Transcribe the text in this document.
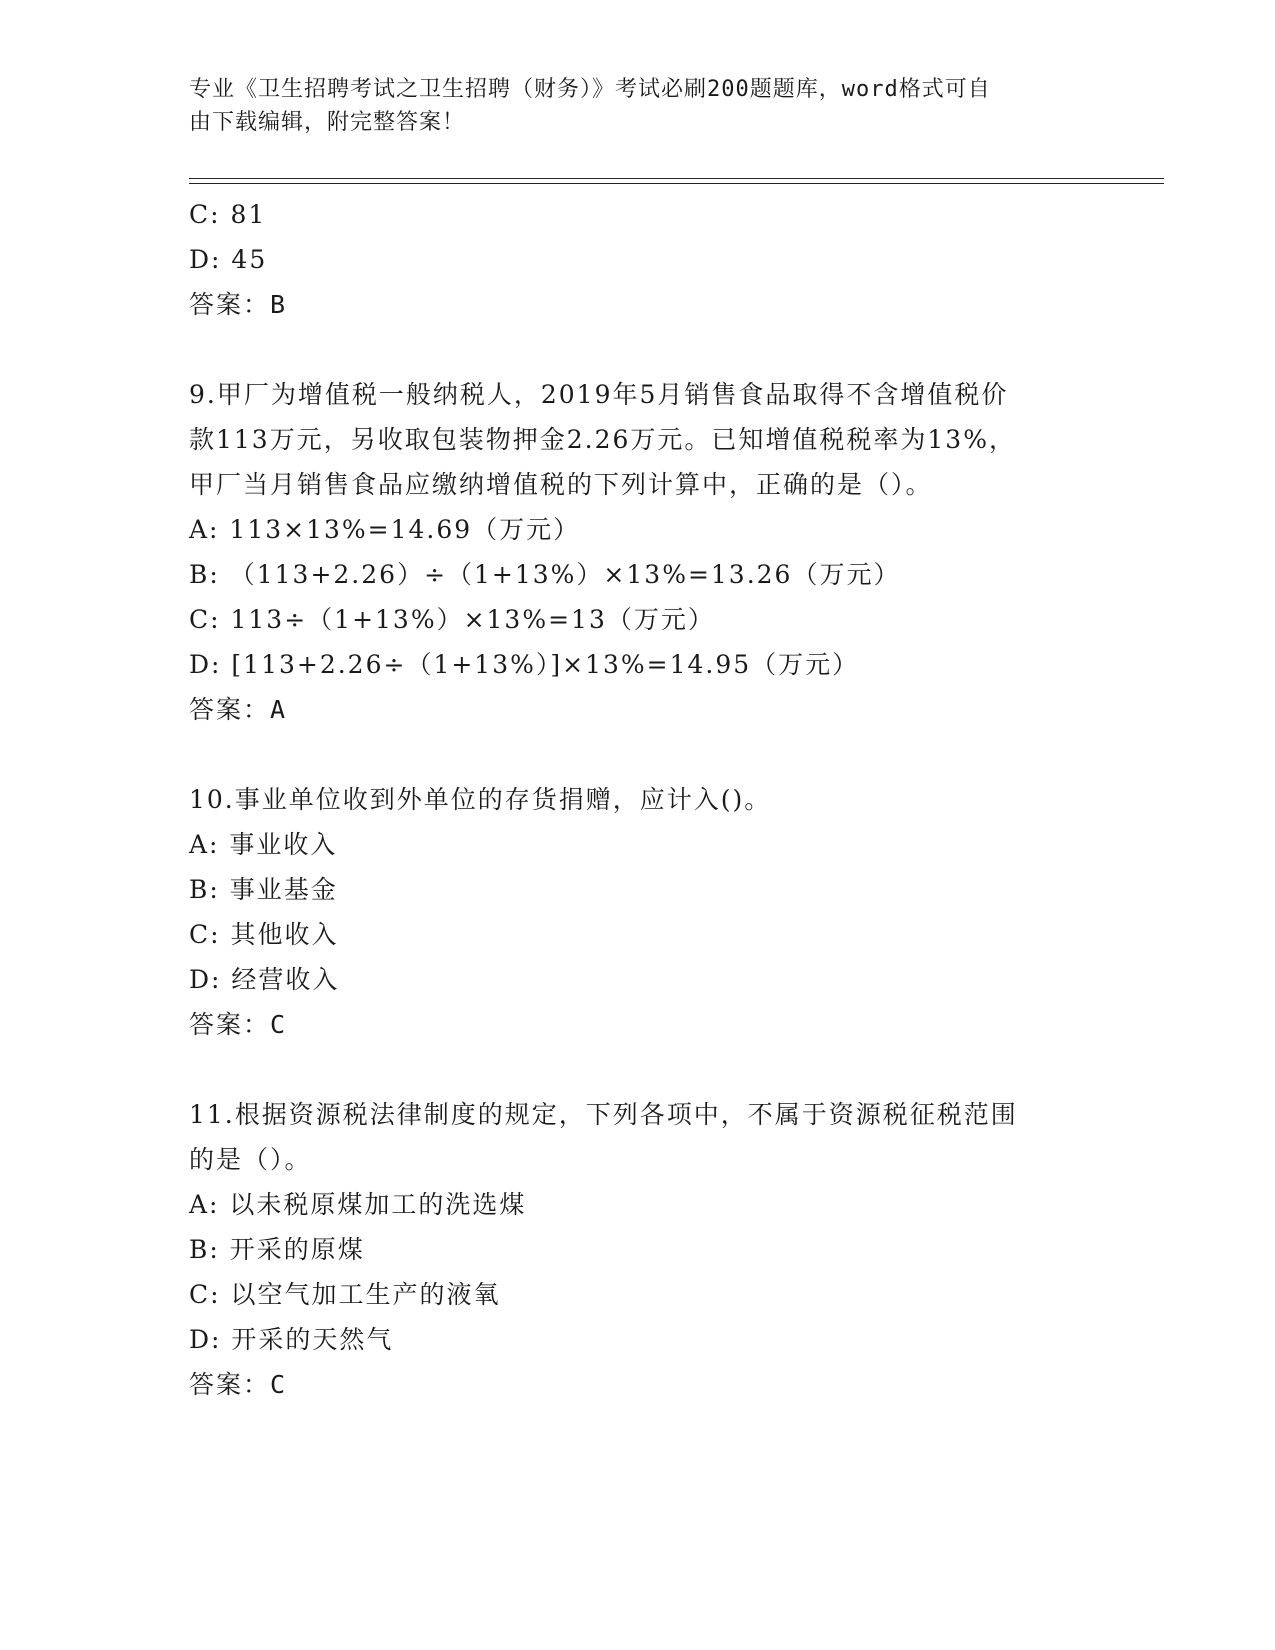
专业《卫生招聘考试之卫生招聘（财务）》考试必刷200题题库，word格式可自
由下载编辑，附完整答案！
C: 81
D: 45
答案：B
9.甲厂为增值税一般纳税人，2019年5月销售食品取得不含增值税价
款113万元，另收取包装物押金2.26万元。已知增值税税率为13%，
甲厂当月销售食品应缴纳增值税的下列计算中，正确的是（）。
A: 113×13%=14.69（万元）
B: （113+2.26）÷（1+13%）×13%=13.26（万元）
C: 113÷（1+13%）×13%=13（万元）
D: [113+2.26÷（1+13%）]×13%=14.95（万元）
答案：A
10.事业单位收到外单位的存货捐赠，应计入()。
A: 事业收入
B: 事业基金
C: 其他收入
D: 经营收入
答案：C
11.根据资源税法律制度的规定，下列各项中，不属于资源税征税范围
的是（）。
A: 以未税原煤加工的洗选煤
B: 开采的原煤
C: 以空气加工生产的液氧
D: 开采的天然气
答案：C
